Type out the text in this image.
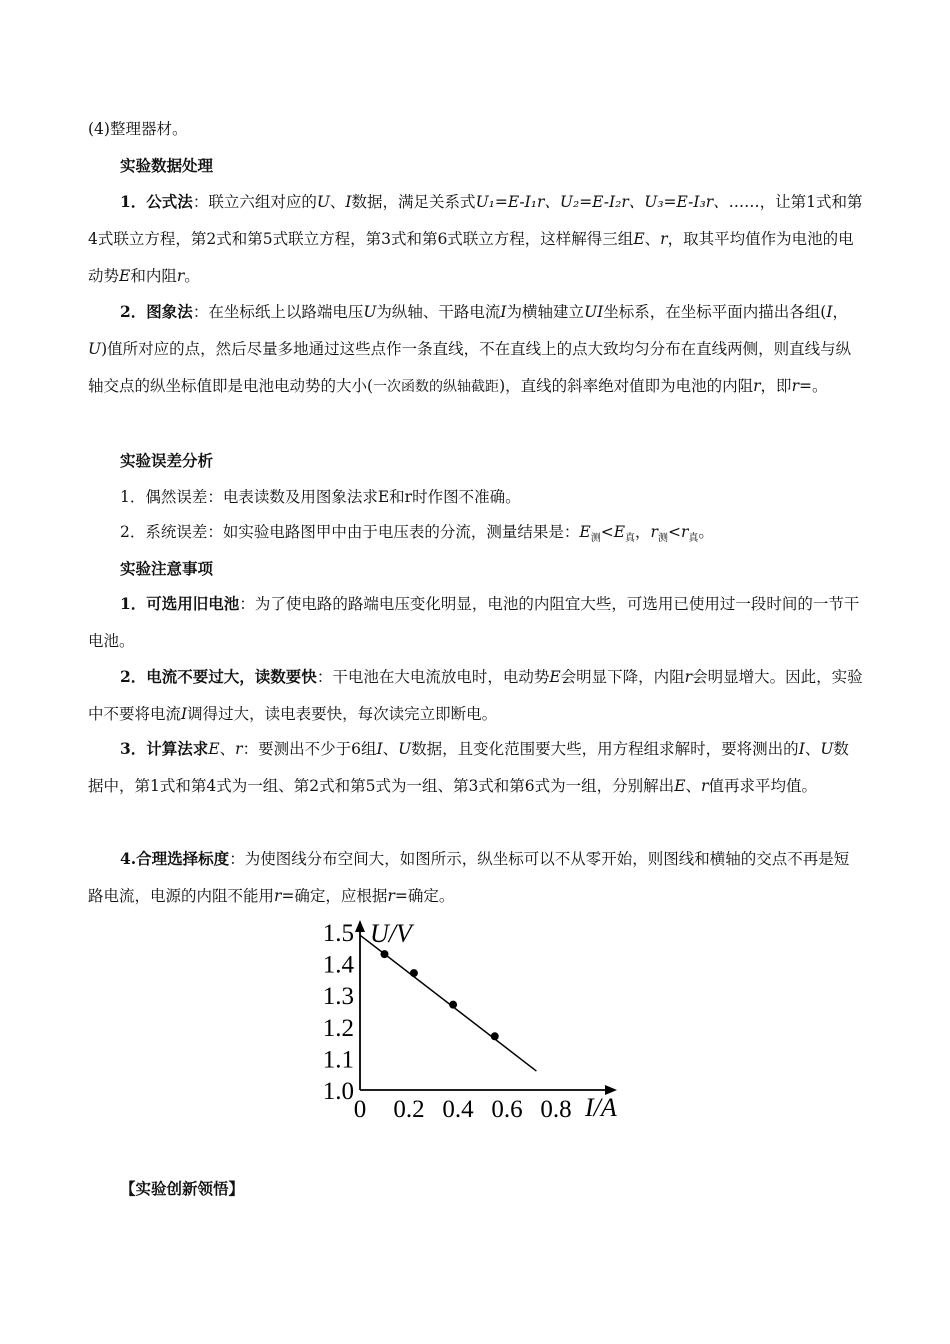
(4)整理器材。

实验数据处理

1．公式法：联立六组对应的U、I数据，满足关系式U₁=E-I₁r、U₂=E-I₂r、U₃=E-I₃r、……，让第1式和第4式联立方程，第2式和第5式联立方程，第3式和第6式联立方程，这样解得三组E、r，取其平均值作为电池的电动势E和内阻r。

2．图象法：在坐标纸上以路端电压U为纵轴、干路电流I为横轴建立UI坐标系，在坐标平面内描出各组(I，U)值所对应的点，然后尽量多地通过这些点作一条直线，不在直线上的点大致均匀分布在直线两侧，则直线与纵轴交点的纵坐标值即是电池电动势的大小(一次函数的纵轴截距)，直线的斜率绝对值即为电池的内阻r，即r=。

实验误差分析

1．偶然误差：电表读数及用图象法求E和r时作图不准确。

2．系统误差：如实验电路图甲中由于电压表的分流，测量结果是：$E_测<E_真$，$r_测<r_真$。

实验注意事项

1．可选用旧电池：为了使电路的路端电压变化明显，电池的内阻宜大些，可选用已使用过一段时间的一节干电池。

2．电流不要过大，读数要快：干电池在大电流放电时，电动势E会明显下降，内阻r会明显增大。因此，实验中不要将电流I调得过大，读电表要快，每次读完立即断电。

3．计算法求E、r：要测出不少于6组I、U数据，且变化范围要大些，用方程组求解时，要将测出的I、U数据中，第1式和第4式为一组、第2式和第5式为一组、第3式和第6式为一组，分别解出E、r值再求平均值。

4.合理选择标度：为使图线分布空间大，如图所示，纵坐标可以不从零开始，则图线和横轴的交点不再是短路电流，电源的内阻不能用r=确定，应根据r=确定。

U/V
I/A
1.5
1.4
1.3
1.2
1.1
1.0
0 0.2 0.4 0.6 0.8

【实验创新领悟】
